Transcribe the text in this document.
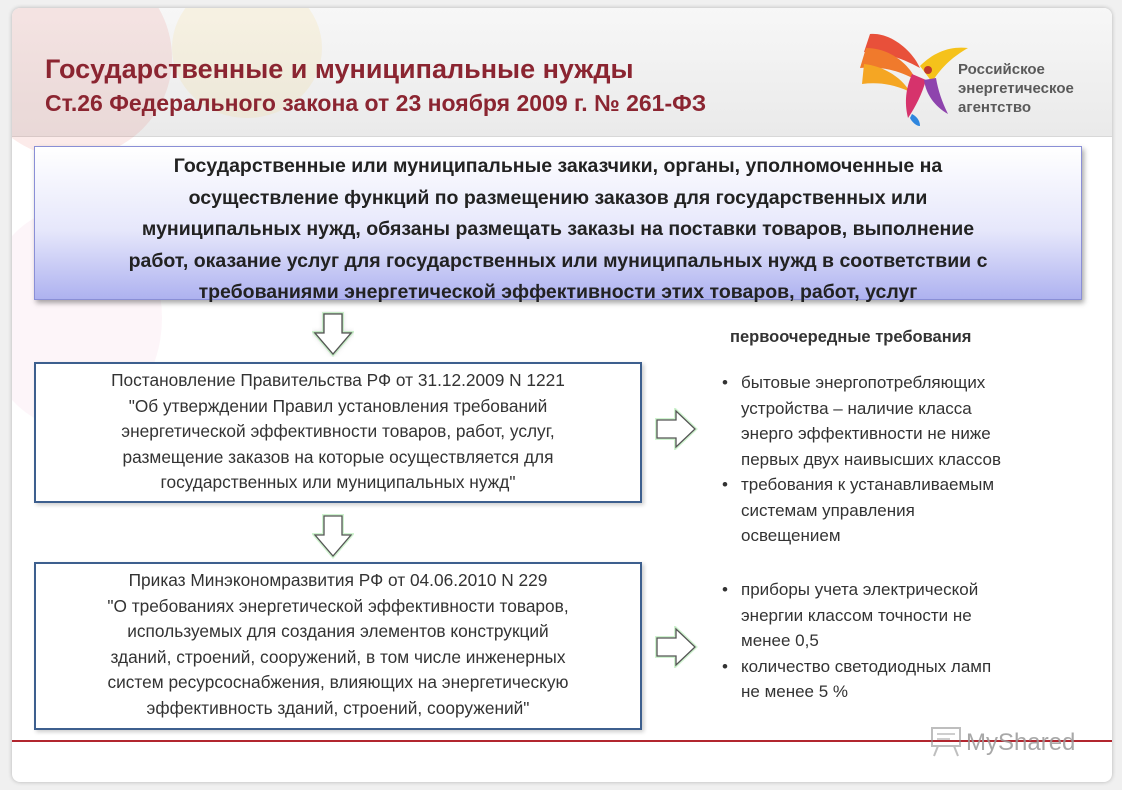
Государственные и муниципальные нужды
Ст.26 Федерального закона от 23 ноября 2009 г. № 261-ФЗ
Российское
энергетическое
агентство
Государственные или муниципальные заказчики, органы, уполномоченные на
осуществление функций по размещению заказов для государственных или
муниципальных нужд, обязаны размещать заказы на поставки товаров, выполнение
работ, оказание услуг для государственных или муниципальных нужд в соответствии с
требованиями энергетической эффективности этих товаров, работ, услуг
первоочередные требования
Постановление Правительства РФ от 31.12.2009 N 1221
"Об утверждении Правил установления требований
энергетической эффективности товаров, работ, услуг,
размещение заказов на которые осуществляется для
государственных или муниципальных нужд"
• бытовые энергопотребляющих
устройства – наличие класса
энерго эффективности не ниже
первых двух наивысших классов
• требования к устанавливаемым
системам управления
освещением
Приказ Минэкономразвития РФ от 04.06.2010 N 229
"О требованиях энергетической эффективности товаров,
используемых для создания элементов конструкций
зданий, строений, сооружений, в том числе инженерных
систем ресурсоснабжения, влияющих на энергетическую
эффективность зданий, строений, сооружений"
• приборы учета электрической
энергии классом точности не
менее 0,5
• количество светодиодных ламп
не менее 5 %
MyShared
